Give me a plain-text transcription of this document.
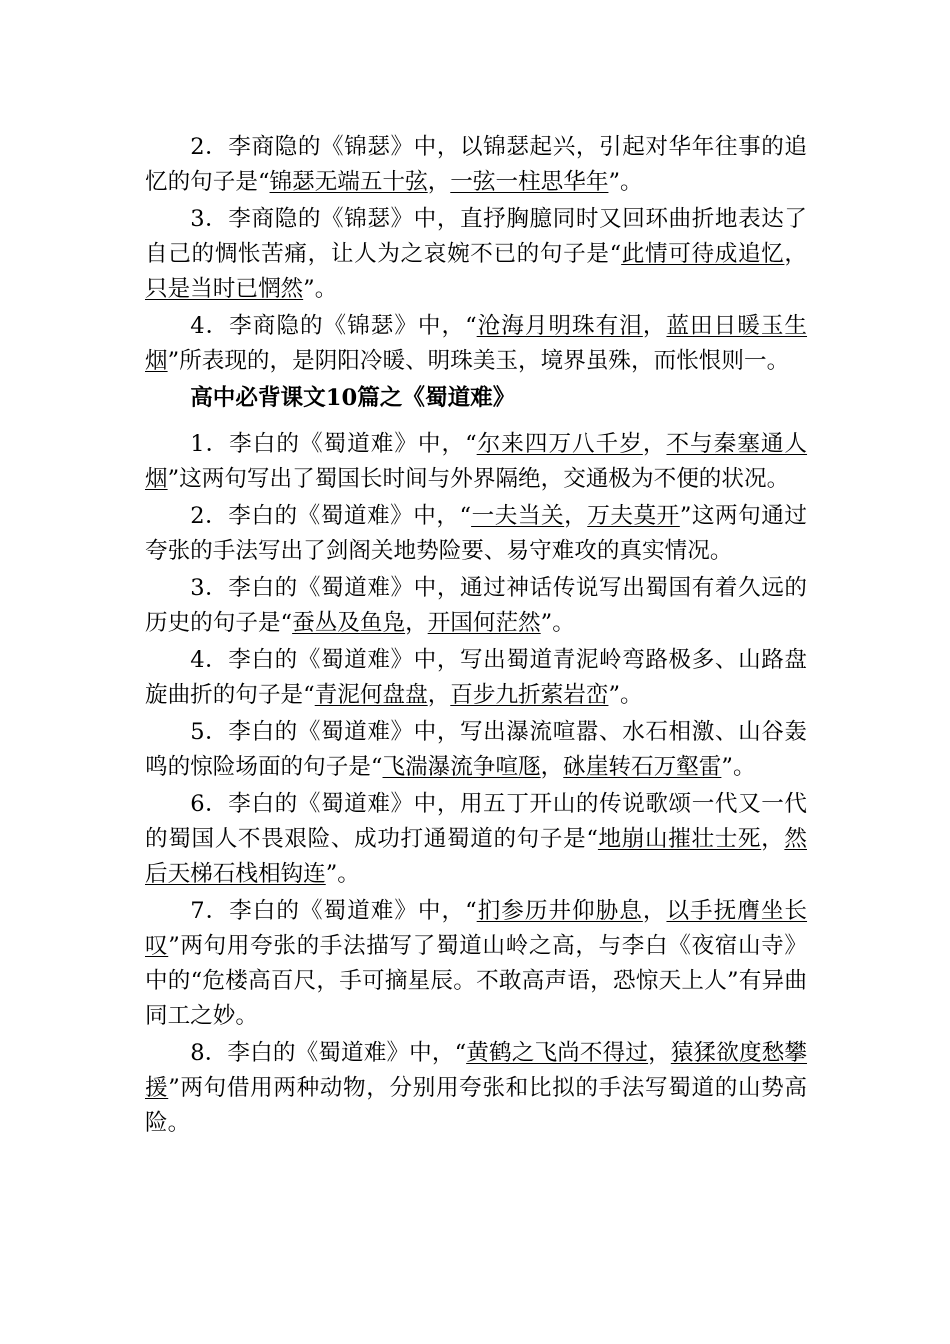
2．李商隐的《锦瑟》中，以锦瑟起兴，引起对华年往事的追忆的句子是“锦瑟无端五十弦，一弦一柱思华年”。

3．李商隐的《锦瑟》中，直抒胸臆同时又回环曲折地表达了自己的惆怅苦痛，让人为之哀婉不已的句子是“此情可待成追忆，只是当时已惘然”。

4．李商隐的《锦瑟》中，“沧海月明珠有泪，蓝田日暖玉生烟”所表现的，是阴阳冷暖、明珠美玉，境界虽殊，而怅恨则一。

高中必背课文10篇之《蜀道难》

1．李白的《蜀道难》中，“尔来四万八千岁，不与秦塞通人烟”这两句写出了蜀国长时间与外界隔绝，交通极为不便的状况。

2．李白的《蜀道难》中，“一夫当关，万夫莫开”这两句通过夸张的手法写出了剑阁关地势险要、易守难攻的真实情况。

3．李白的《蜀道难》中，通过神话传说写出蜀国有着久远的历史的句子是“蚕丛及鱼凫，开国何茫然”。

4．李白的《蜀道难》中，写出蜀道青泥岭弯路极多、山路盘旋曲折的句子是“青泥何盘盘，百步九折萦岩峦”。

5．李白的《蜀道难》中，写出瀑流喧嚣、水石相激、山谷轰鸣的惊险场面的句子是“飞湍瀑流争喧豗，砯崖转石万壑雷”。

6．李白的《蜀道难》中，用五丁开山的传说歌颂一代又一代的蜀国人不畏艰险、成功打通蜀道的句子是“地崩山摧壮士死，然后天梯石栈相钩连”。

7．李白的《蜀道难》中，“扪参历井仰胁息，以手抚膺坐长叹”两句用夸张的手法描写了蜀道山岭之高，与李白《夜宿山寺》中的“危楼高百尺，手可摘星辰。不敢高声语，恐惊天上人”有异曲同工之妙。

8．李白的《蜀道难》中，“黄鹤之飞尚不得过，猿猱欲度愁攀援”两句借用两种动物，分别用夸张和比拟的手法写蜀道的山势高险。
